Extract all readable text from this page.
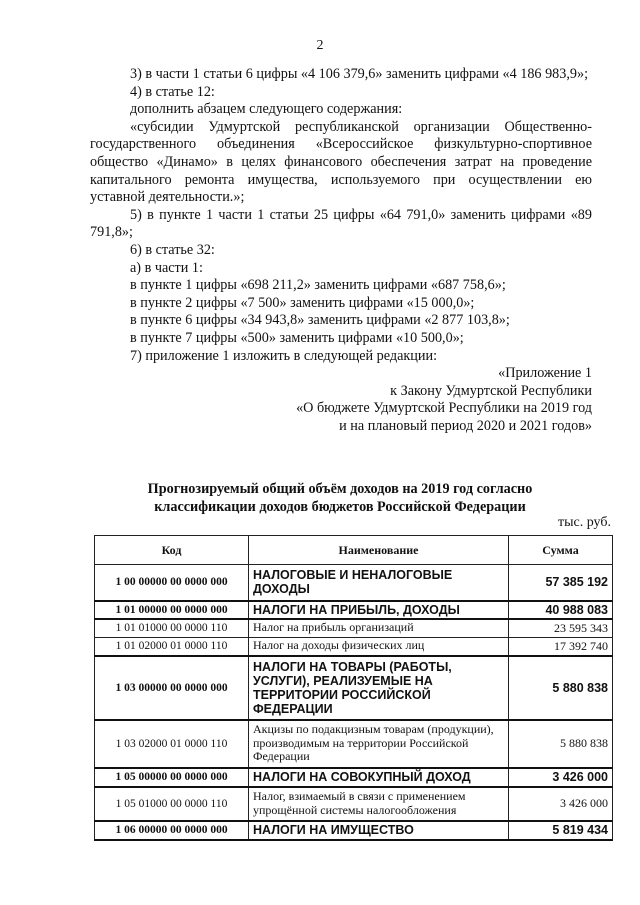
2

3) в части 1 статьи 6 цифры «4 106 379,6» заменить цифрами «4 186 983,9»;

4) в статье 12:

дополнить абзацем следующего содержания:

«субсидии Удмуртской республиканской организации Общественно-государственного объединения «Всероссийское физкультурно-спортивное общество «Динамо» в целях финансового обеспечения затрат на проведение капитального ремонта имущества, используемого при осуществлении ею уставной деятельности.»;

5) в пункте 1 части 1 статьи 25 цифры «64 791,0» заменить цифрами «89 791,8»;

6) в статье 32:

а) в части 1:

в пункте 1 цифры «698 211,2» заменить цифрами «687 758,6»;

в пункте 2 цифры «7 500» заменить цифрами «15 000,0»;

в пункте 6 цифры «34 943,8» заменить цифрами «2 877 103,8»;

в пункте 7 цифры «500» заменить цифрами «10 500,0»;

7) приложение 1 изложить в следующей редакции:

«Приложение 1

к Закону Удмуртской Республики

«О бюджете Удмуртской Республики на 2019 год

и на плановый период 2020 и 2021 годов»

Прогнозируемый общий объём доходов на 2019 год согласно классификации доходов бюджетов Российской Федерации
тыс. руб.
Код	Наименование	Сумма
1 00 00000 00 0000 000	НАЛОГОВЫЕ И НЕНАЛОГОВЫЕ ДОХОДЫ	57 385 192
1 01 00000 00 0000 000	НАЛОГИ НА ПРИБЫЛЬ, ДОХОДЫ	40 988 083
1 01 01000 00 0000 110	Налог на прибыль организаций	23 595 343
1 01 02000 01 0000 110	Налог на доходы физических лиц	17 392 740
1 03 00000 00 0000 000	НАЛОГИ НА ТОВАРЫ (РАБОТЫ, УСЛУГИ), РЕАЛИЗУЕМЫЕ НА ТЕРРИТОРИИ РОССИЙСКОЙ ФЕДЕРАЦИИ	5 880 838
1 03 02000 01 0000 110	Акцизы по подакцизным товарам (продукции), производимым на территории Российской Федерации	5 880 838
1 05 00000 00 0000 000	НАЛОГИ НА СОВОКУПНЫЙ ДОХОД	3 426 000
1 05 01000 00 0000 110	Налог, взимаемый в связи с применением упрощённой системы налогообложения	3 426 000
1 06 00000 00 0000 000	НАЛОГИ НА ИМУЩЕСТВО	5 819 434
